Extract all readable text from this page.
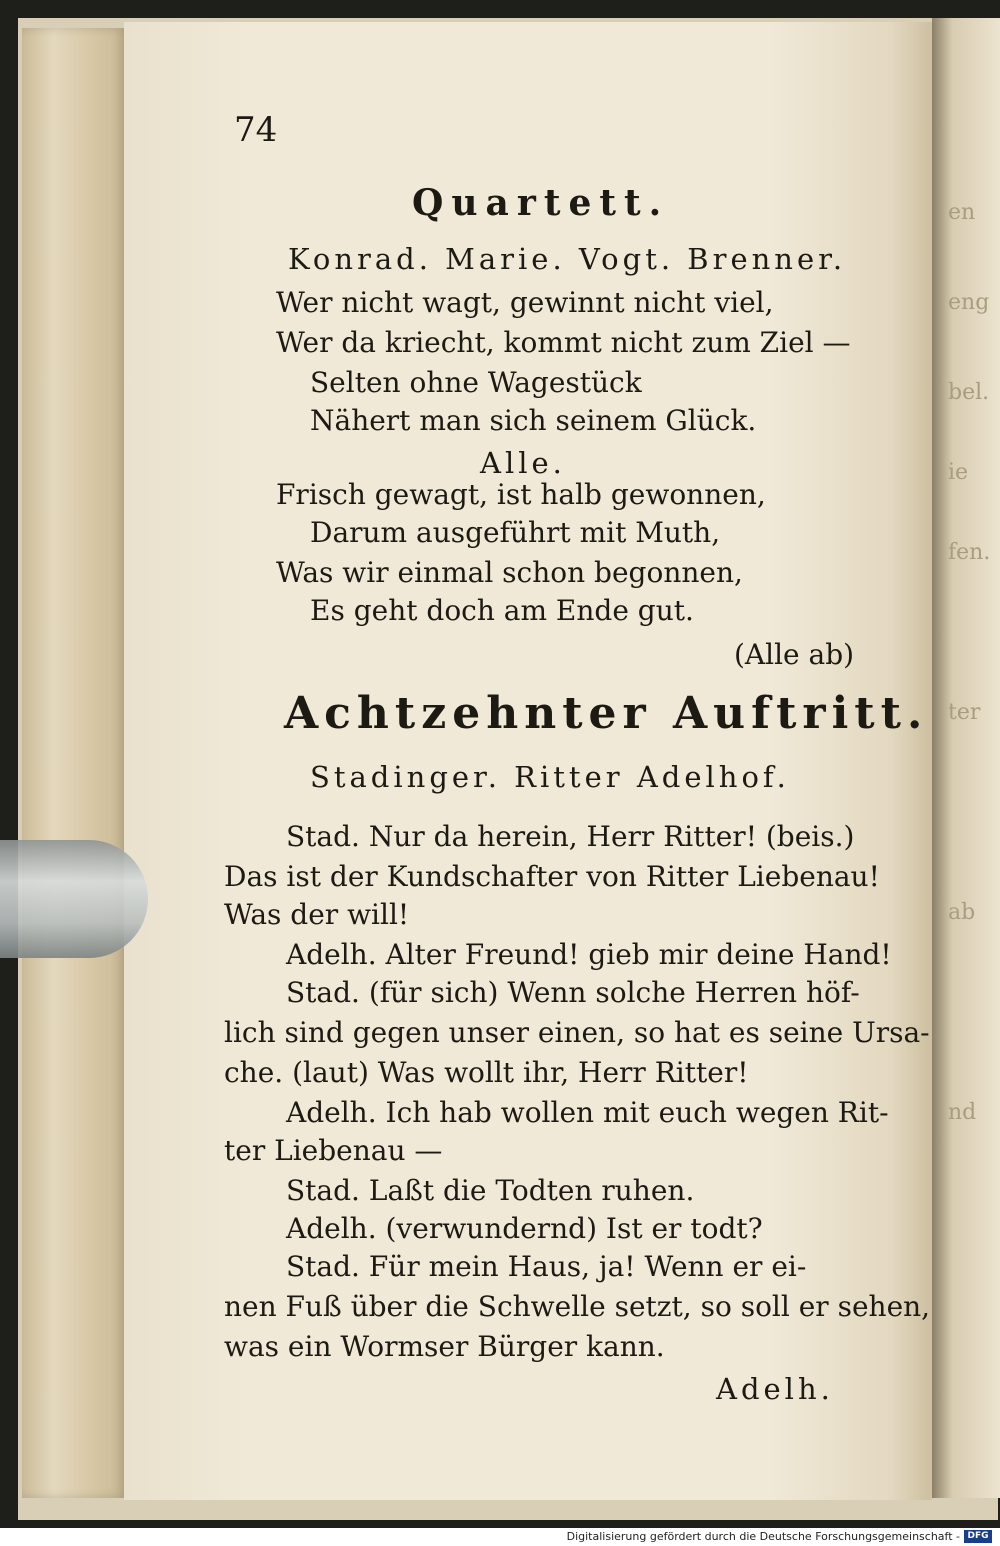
en
eng
bel.
ie
fen.
ter
ab
nd
74
Quartett.
Konrad. Marie. Vogt. Brenner.
Wer nicht wagt, gewinnt nicht viel,
Wer da kriecht, kommt nicht zum Ziel —
Selten ohne Wagestück
Nähert man sich seinem Glück.
Alle.
Frisch gewagt, ist halb gewonnen,
Darum ausgeführt mit Muth,
Was wir einmal schon begonnen,
Es geht doch am Ende gut.
(Alle ab)
Achtzehnter Auftritt.
Stadinger. Ritter Adelhof.
Stad. Nur da herein, Herr Ritter! (beis.)
Das ist der Kundschafter von Ritter Liebenau!
Was der will!
Adelh. Alter Freund! gieb mir deine Hand!
Stad. (für sich) Wenn solche Herren höf-
lich sind gegen unser einen, so hat es seine Ursa-
che. (laut) Was wollt ihr, Herr Ritter!
Adelh. Ich hab wollen mit euch wegen Rit-
ter Liebenau —
Stad. Laßt die Todten ruhen.
Adelh. (verwundernd) Ist er todt?
Stad. Für mein Haus, ja! Wenn er ei-
nen Fuß über die Schwelle setzt, so soll er sehen,
was ein Wormser Bürger kann.
Adelh.
Digitalisierung gefördert durch die Deutsche Forschungsgemeinschaft - DFG
